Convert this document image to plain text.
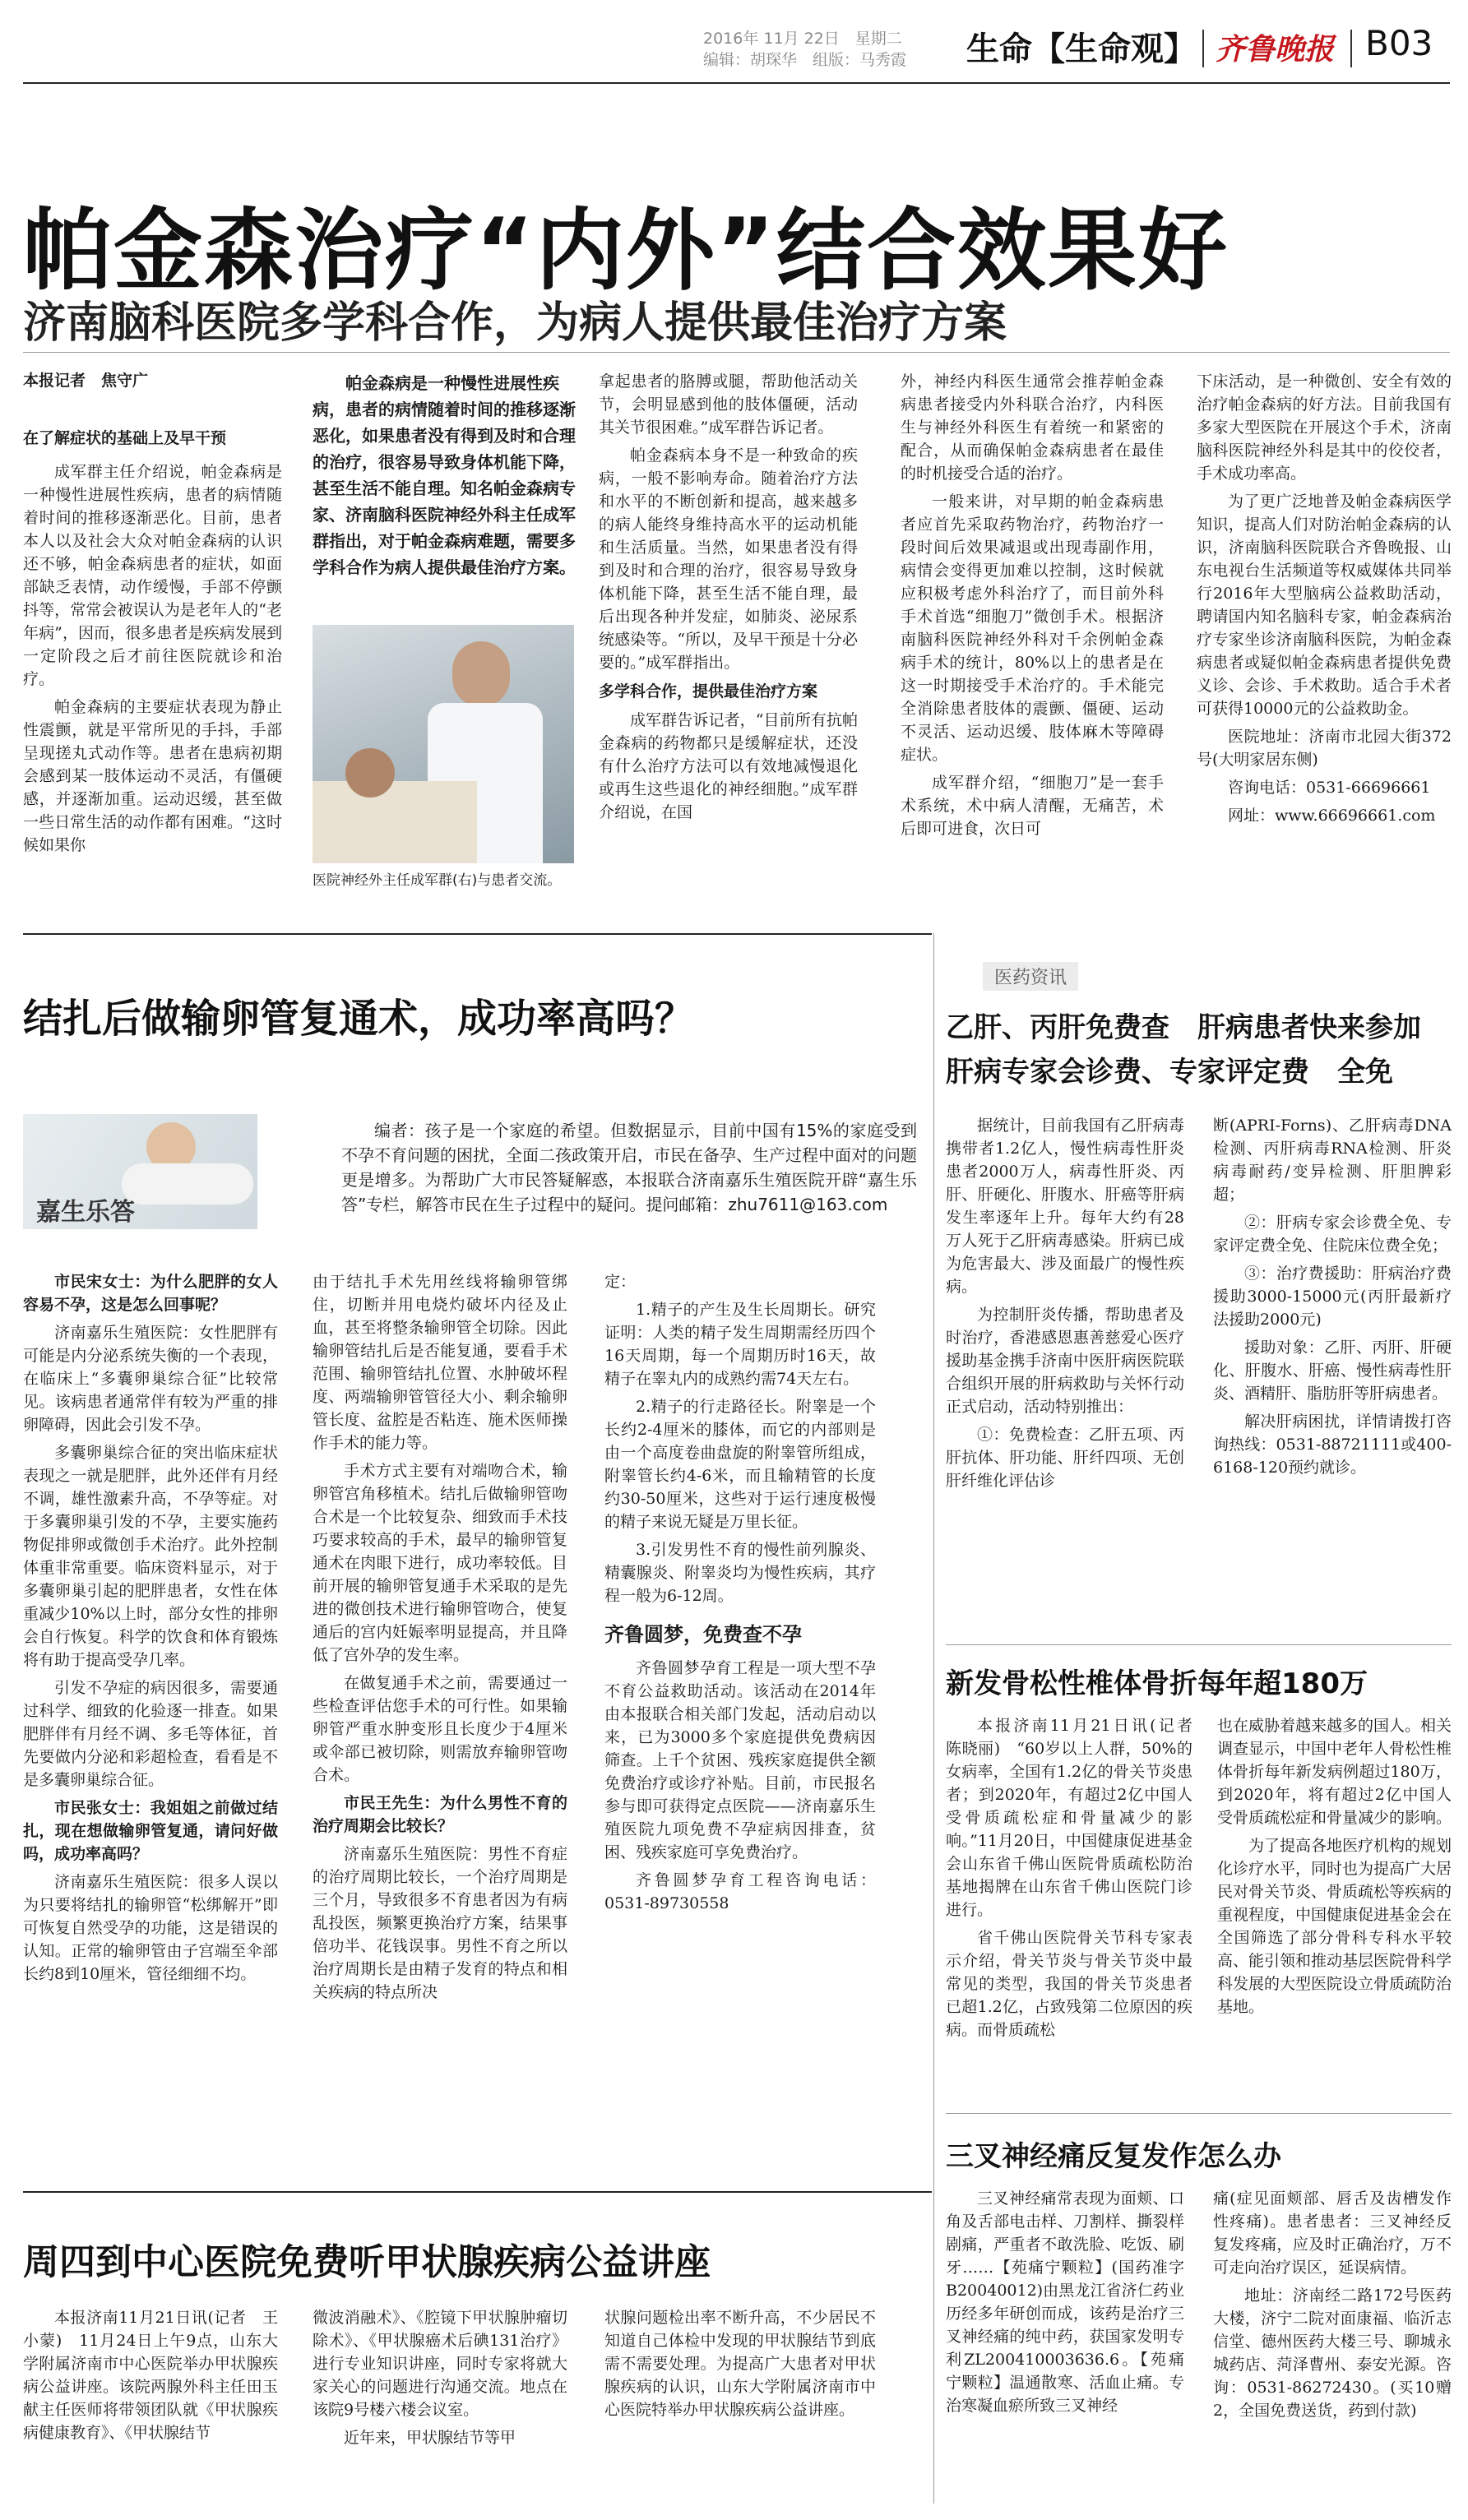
2016年 11月 22日　星期二
编辑：胡琛华　组版：马秀霞 生命【生命观】 齐鲁晚报 B03
帕金森治疗“内外”结合效果好
济南脑科医院多学科合作，为病人提供最佳治疗方案
本报记者　焦守广
在了解症状的基础上及早干预

成军群主任介绍说，帕金森病是一种慢性进展性疾病，患者的病情随着时间的推移逐渐恶化。目前，患者本人以及社会大众对帕金森病的认识还不够，帕金森病患者的症状，如面部缺乏表情，动作缓慢，手部不停颤抖等，常常会被误认为是老年人的“老年病”，因而，很多患者是疾病发展到一定阶段之后才前往医院就诊和治疗。

帕金森病的主要症状表现为静止性震颤，就是平常所见的手抖，手部呈现搓丸式动作等。患者在患病初期会感到某一肢体运动不灵活，有僵硬感，并逐渐加重。运动迟缓，甚至做一些日常生活的动作都有困难。“这时候如果你

帕金森病是一种慢性进展性疾病，患者的病情随着时间的推移逐渐恶化，如果患者没有得到及时和合理的治疗，很容易导致身体机能下降，甚至生活不能自理。知名帕金森病专家、济南脑科医院神经外科主任成军群指出，对于帕金森病难题，需要多学科合作为病人提供最佳治疗方案。
医院神经外主任成军群(右)与患者交流。

拿起患者的胳膊或腿，帮助他活动关节，会明显感到他的肢体僵硬，活动其关节很困难。”成军群告诉记者。

帕金森病本身不是一种致命的疾病，一般不影响寿命。随着治疗方法和水平的不断创新和提高，越来越多的病人能终身维持高水平的运动机能和生活质量。当然，如果患者没有得到及时和合理的治疗，很容易导致身体机能下降，甚至生活不能自理，最后出现各种并发症，如肺炎、泌尿系统感染等。“所以，及早干预是十分必要的。”成军群指出。

多学科合作，提供最佳治疗方案

成军群告诉记者，“目前所有抗帕金森病的药物都只是缓解症状，还没有什么治疗方法可以有效地减慢退化或再生这些退化的神经细胞。”成军群介绍说，在国

外，神经内科医生通常会推荐帕金森病患者接受内外科联合治疗，内科医生与神经外科医生有着统一和紧密的配合，从而确保帕金森病患者在最佳的时机接受合适的治疗。

一般来讲，对早期的帕金森病患者应首先采取药物治疗，药物治疗一段时间后效果减退或出现毒副作用，病情会变得更加难以控制，这时候就应积极考虑外科治疗了，而目前外科手术首选“细胞刀”微创手术。根据济南脑科医院神经外科对千余例帕金森病手术的统计，80%以上的患者是在这一时期接受手术治疗的。手术能完全消除患者肢体的震颤、僵硬、运动不灵活、运动迟缓、肢体麻木等障碍症状。

成军群介绍，“细胞刀”是一套手术系统，术中病人清醒，无痛苦，术后即可进食，次日可

下床活动，是一种微创、安全有效的治疗帕金森病的好方法。目前我国有多家大型医院在开展这个手术，济南脑科医院神经外科是其中的佼佼者，手术成功率高。

为了更广泛地普及帕金森病医学知识，提高人们对防治帕金森病的认识，济南脑科医院联合齐鲁晚报、山东电视台生活频道等权威媒体共同举行2016年大型脑病公益救助活动，聘请国内知名脑科专家，帕金森病治疗专家坐诊济南脑科医院，为帕金森病患者或疑似帕金森病患者提供免费义诊、会诊、手术救助。适合手术者可获得10000元的公益救助金。

医院地址：济南市北园大街372号(大明家居东侧)

咨询电话：0531-66696661

网址：www.66696661.com

结扎后做输卵管复通术，成功率高吗？
嘉生乐答
编者：孩子是一个家庭的希望。但数据显示，目前中国有15%的家庭受到不孕不育问题的困扰，全面二孩政策开启，市民在备孕、生产过程中面对的问题更是增多。为帮助广大市民答疑解惑，本报联合济南嘉乐生殖医院开辟“嘉生乐答”专栏，解答市民在生子过程中的疑问。提问邮箱：zhu7611@163.com

市民宋女士：为什么肥胖的女人容易不孕，这是怎么回事呢？

济南嘉乐生殖医院：女性肥胖有可能是内分泌系统失衡的一个表现，在临床上“多囊卵巢综合征”比较常见。该病患者通常伴有较为严重的排卵障碍，因此会引发不孕。

多囊卵巢综合征的突出临床症状表现之一就是肥胖，此外还伴有月经不调，雄性激素升高，不孕等症。对于多囊卵巢引发的不孕，主要实施药物促排卵或微创手术治疗。此外控制体重非常重要。临床资料显示，对于多囊卵巢引起的肥胖患者，女性在体重减少10%以上时，部分女性的排卵会自行恢复。科学的饮食和体育锻炼将有助于提高受孕几率。

引发不孕症的病因很多，需要通过科学、细致的化验逐一排查。如果肥胖伴有月经不调、多毛等体征，首先要做内分泌和彩超检查，看看是不是多囊卵巢综合征。

市民张女士：我姐姐之前做过结扎，现在想做输卵管复通，请问好做吗，成功率高吗？

济南嘉乐生殖医院：很多人误以为只要将结扎的输卵管“松绑解开”即可恢复自然受孕的功能，这是错误的认知。正常的输卵管由子宫端至伞部长约8到10厘米，管径细细不均。

由于结扎手术先用丝线将输卵管绑住，切断并用电烧灼破坏内径及止血，甚至将整条输卵管全切除。因此输卵管结扎后是否能复通，要看手术范围、输卵管结扎位置、水肿破坏程度、两端输卵管管径大小、剩余输卵管长度、盆腔是否粘连、施术医师操作手术的能力等。

手术方式主要有对端吻合术，输卵管宫角移植术。结扎后做输卵管吻合术是一个比较复杂、细致而手术技巧要求较高的手术，最早的输卵管复通术在肉眼下进行，成功率较低。目前开展的输卵管复通手术采取的是先进的微创技术进行输卵管吻合，使复通后的宫内妊娠率明显提高，并且降低了宫外孕的发生率。

在做复通手术之前，需要通过一些检查评估您手术的可行性。如果输卵管严重水肿变形且长度少于4厘米或伞部已被切除，则需放弃输卵管吻合术。

市民王先生：为什么男性不育的治疗周期会比较长？

济南嘉乐生殖医院：男性不育症的治疗周期比较长，一个治疗周期是三个月，导致很多不育患者因为有病乱投医，频繁更换治疗方案，结果事倍功半、花钱误事。男性不育之所以治疗周期长是由精子发育的特点和相关疾病的特点所决

定：

1.精子的产生及生长周期长。研究证明：人类的精子发生周期需经历四个16天周期，每一个周期历时16天，故精子在睾丸内的成熟约需74天左右。

2.精子的行走路径长。附睾是一个长约2-4厘米的膝体，而它的内部则是由一个高度卷曲盘旋的附睾管所组成，附睾管长约4-6米，而且输精管的长度约30-50厘米，这些对于运行速度极慢的精子来说无疑是万里长征。

3.引发男性不育的慢性前列腺炎、精囊腺炎、附睾炎均为慢性疾病，其疗程一般为6-12周。

齐鲁圆梦，免费查不孕

齐鲁圆梦孕育工程是一项大型不孕不育公益救助活动。该活动在2014年由本报联合相关部门发起，活动启动以来，已为3000多个家庭提供免费病因筛查。上千个贫困、残疾家庭提供全额免费治疗或诊疗补贴。目前，市民报名参与即可获得定点医院——济南嘉乐生殖医院九项免费不孕症病因排查，贫困、残疾家庭可享免费治疗。

齐鲁圆梦孕育工程咨询电话：0531-89730558

周四到中心医院免费听甲状腺疾病公益讲座

本报济南11月21日讯(记者　王小蒙)　11月24日上午9点，山东大学附属济南市中心医院举办甲状腺疾病公益讲座。该院两腺外科主任田玉献主任医师将带领团队就《甲状腺疾病健康教育》、《甲状腺结节

微波消融术》、《腔镜下甲状腺肿瘤切除术》、《甲状腺癌术后碘131治疗》进行专业知识讲座，同时专家将就大家关心的问题进行沟通交流。地点在该院9号楼六楼会议室。

近年来，甲状腺结节等甲

状腺问题检出率不断升高，不少居民不知道自己体检中发现的甲状腺结节到底需不需要处理。为提高广大患者对甲状腺疾病的认识，山东大学附属济南市中心医院特举办甲状腺疾病公益讲座。

医药资讯
乙肝、丙肝免费查　肝病患者快来参加
肝病专家会诊费、专家评定费　全免

据统计，目前我国有乙肝病毒携带者1.2亿人，慢性病毒性肝炎患者2000万人，病毒性肝炎、丙肝、肝硬化、肝腹水、肝癌等肝病发生率逐年上升。每年大约有28万人死于乙肝病毒感染。肝病已成为危害最大、涉及面最广的慢性疾病。

为控制肝炎传播，帮助患者及时治疗，香港感恩惠善慈爱心医疗援助基金携手济南中医肝病医院联合组织开展的肝病救助与关怀行动正式启动，活动特别推出：

①：免费检查：乙肝五项、丙肝抗体、肝功能、肝纤四项、无创肝纤维化评估诊

断(APRI-Forns)、乙肝病毒DNA检测、丙肝病毒RNA检测、肝炎病毒耐药/变异检测、肝胆脾彩超；

②：肝病专家会诊费全免、专家评定费全免、住院床位费全免；

③：治疗费援助：肝病治疗费援助3000-15000元(丙肝最新疗法援助2000元)

援助对象：乙肝、丙肝、肝硬化、肝腹水、肝癌、慢性病毒性肝炎、酒精肝、脂肪肝等肝病患者。

解决肝病困扰，详情请拨打咨询热线：0531-88721111或400-6168-120预约就诊。

新发骨松性椎体骨折每年超180万

本报济南11月21日讯(记者　陈晓丽)　“60岁以上人群，50%的女病率，全国有1.2亿的骨关节炎患者；到2020年，有超过2亿中国人受骨质疏松症和骨量减少的影响。”11月20日，中国健康促进基金会山东省千佛山医院骨质疏松防治基地揭牌在山东省千佛山医院门诊进行。

省千佛山医院骨关节科专家表示介绍，骨关节炎与骨关节炎中最常见的类型，我国的骨关节炎患者已超1.2亿，占致残第二位原因的疾病。而骨质疏松

也在威胁着越来越多的国人。相关调查显示，中国中老年人骨松性椎体骨折每年新发病例超过180万，到2020年，将有超过2亿中国人受骨质疏松症和骨量减少的影响。

为了提高各地医疗机构的规划化诊疗水平，同时也为提高广大居民对骨关节炎、骨质疏松等疾病的重视程度，中国健康促进基金会在全国筛选了部分骨科专科水平较高、能引领和推动基层医院骨科学科发展的大型医院设立骨质疏防治基地。

三叉神经痛反复发作怎么办

三叉神经痛常表现为面颊、口角及舌部电击样、刀割样、撕裂样剧痛，严重者不敢洗脸、吃饭、刷牙……【苑痛宁颗粒】(国药准字B20040012)由黑龙江省济仁药业历经多年研创而成，该药是治疗三叉神经痛的纯中药，获国家发明专利ZL200410003636.6。【苑痛宁颗粒】温通散寒、活血止痛。专治寒凝血瘀所致三叉神经

痛(症见面颊部、唇舌及齿槽发作性疼痛)。患者患者：三叉神经反复发疼痛，应及时正确治疗，万不可走向治疗误区，延误病情。

地址：济南经二路172号医药大楼，济宁二院对面康福、临沂志信堂、德州医药大楼三号、聊城永城药店、菏泽曹州、泰安光源。咨询：0531-86272430。(买10赠2，全国免费送货，药到付款)
